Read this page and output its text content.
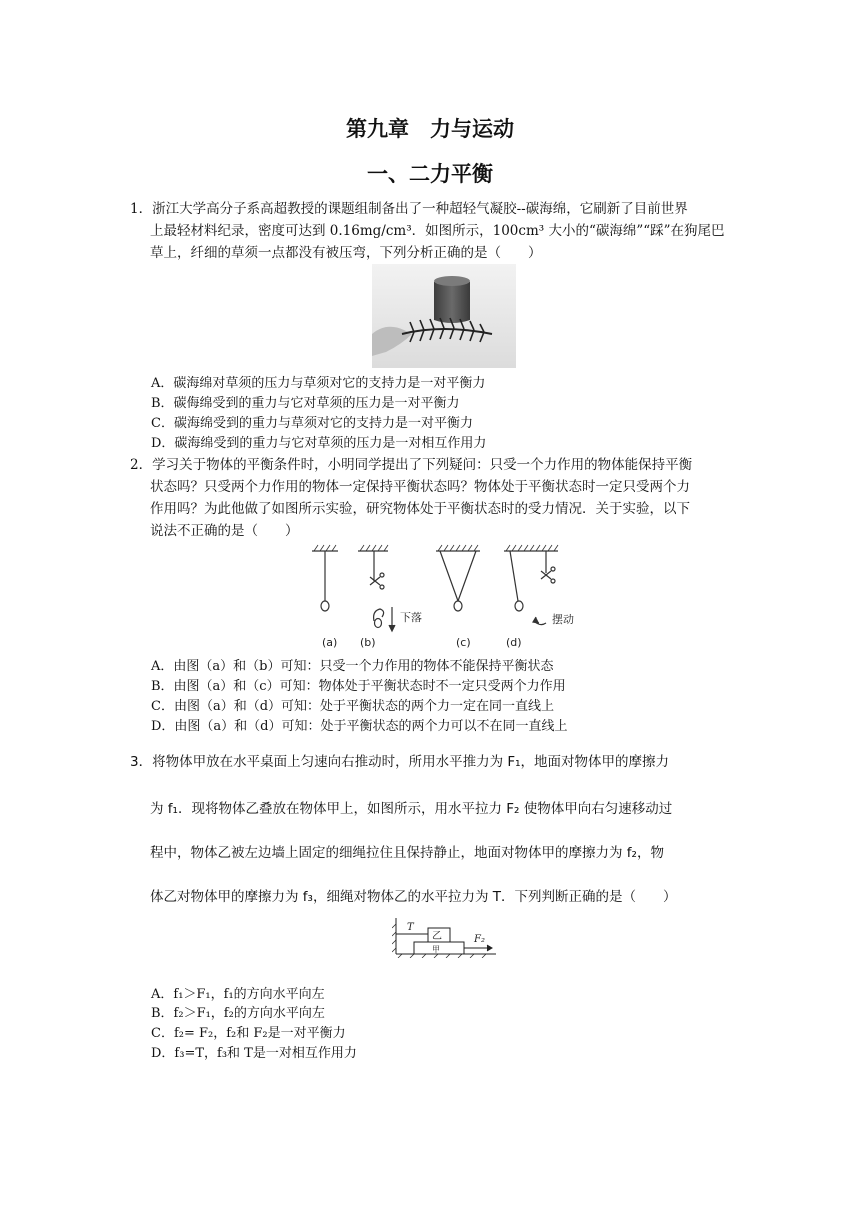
第九章　力与运动
一、二力平衡
1．浙江大学高分子系高超教授的课题组制备出了一种超轻气凝胶--碳海绵，它刷新了目前世界
上最轻材料纪录，密度可达到 0.16mg/cm³．如图所示，100cm³ 大小的“碳海绵”“踩”在狗尾巴
草上，纤细的草须一点都没有被压弯，下列分析正确的是（　　）
A．碳海绵对草须的压力与草须对它的支持力是一对平衡力
B．碳侮绵受到的重力与它对草须的压力是一对平衡力
C．碳海绵受到的重力与草须对它的支持力是一对平衡力
D．碳海绵受到的重力与它对草须的压力是一对相互作用力
2．学习关于物体的平衡条件时，小明同学提出了下列疑问：只受一个力作用的物体能保持平衡
状态吗？只受两个力作用的物体一定保持平衡状态吗？物体处于平衡状态时一定只受两个力
作用吗？为此他做了如图所示实验，研究物体处于平衡状态时的受力情况．关于实验，以下
说法不正确的是（　　）
下落	摆动
(a) (b)	(c)	(d)
A．由图（a）和（b）可知：只受一个力作用的物体不能保持平衡状态
B．由图（a）和（c）可知：物体处于平衡状态时不一定只受两个力作用
C．由图（a）和（d）可知：处于平衡状态的两个力一定在同一直线上
D．由图（a）和（d）可知：处于平衡状态的两个力可以不在同一直线上
3．将物体甲放在水平桌面上匀速向右推动时，所用水平推力为 F₁，地面对物体甲的摩擦力
为 f₁．现将物体乙叠放在物体甲上，如图所示，用水平拉力 F₂ 使物体甲向右匀速移动过
程中，物体乙被左边墙上固定的细绳拉住且保持静止，地面对物体甲的摩擦力为 f₂，物
体乙对物体甲的摩擦力为 f₃，细绳对物体乙的水平拉力为 T．下列判断正确的是（　　）
T
乙
甲
F₂
A．f₁＞F₁，f₁的方向水平向左
B．f₂＞F₁，f₂的方向水平向左
C．f₂= F₂，f₂和 F₂是一对平衡力
D．f₃=T，f₃和 T是一对相互作用力
